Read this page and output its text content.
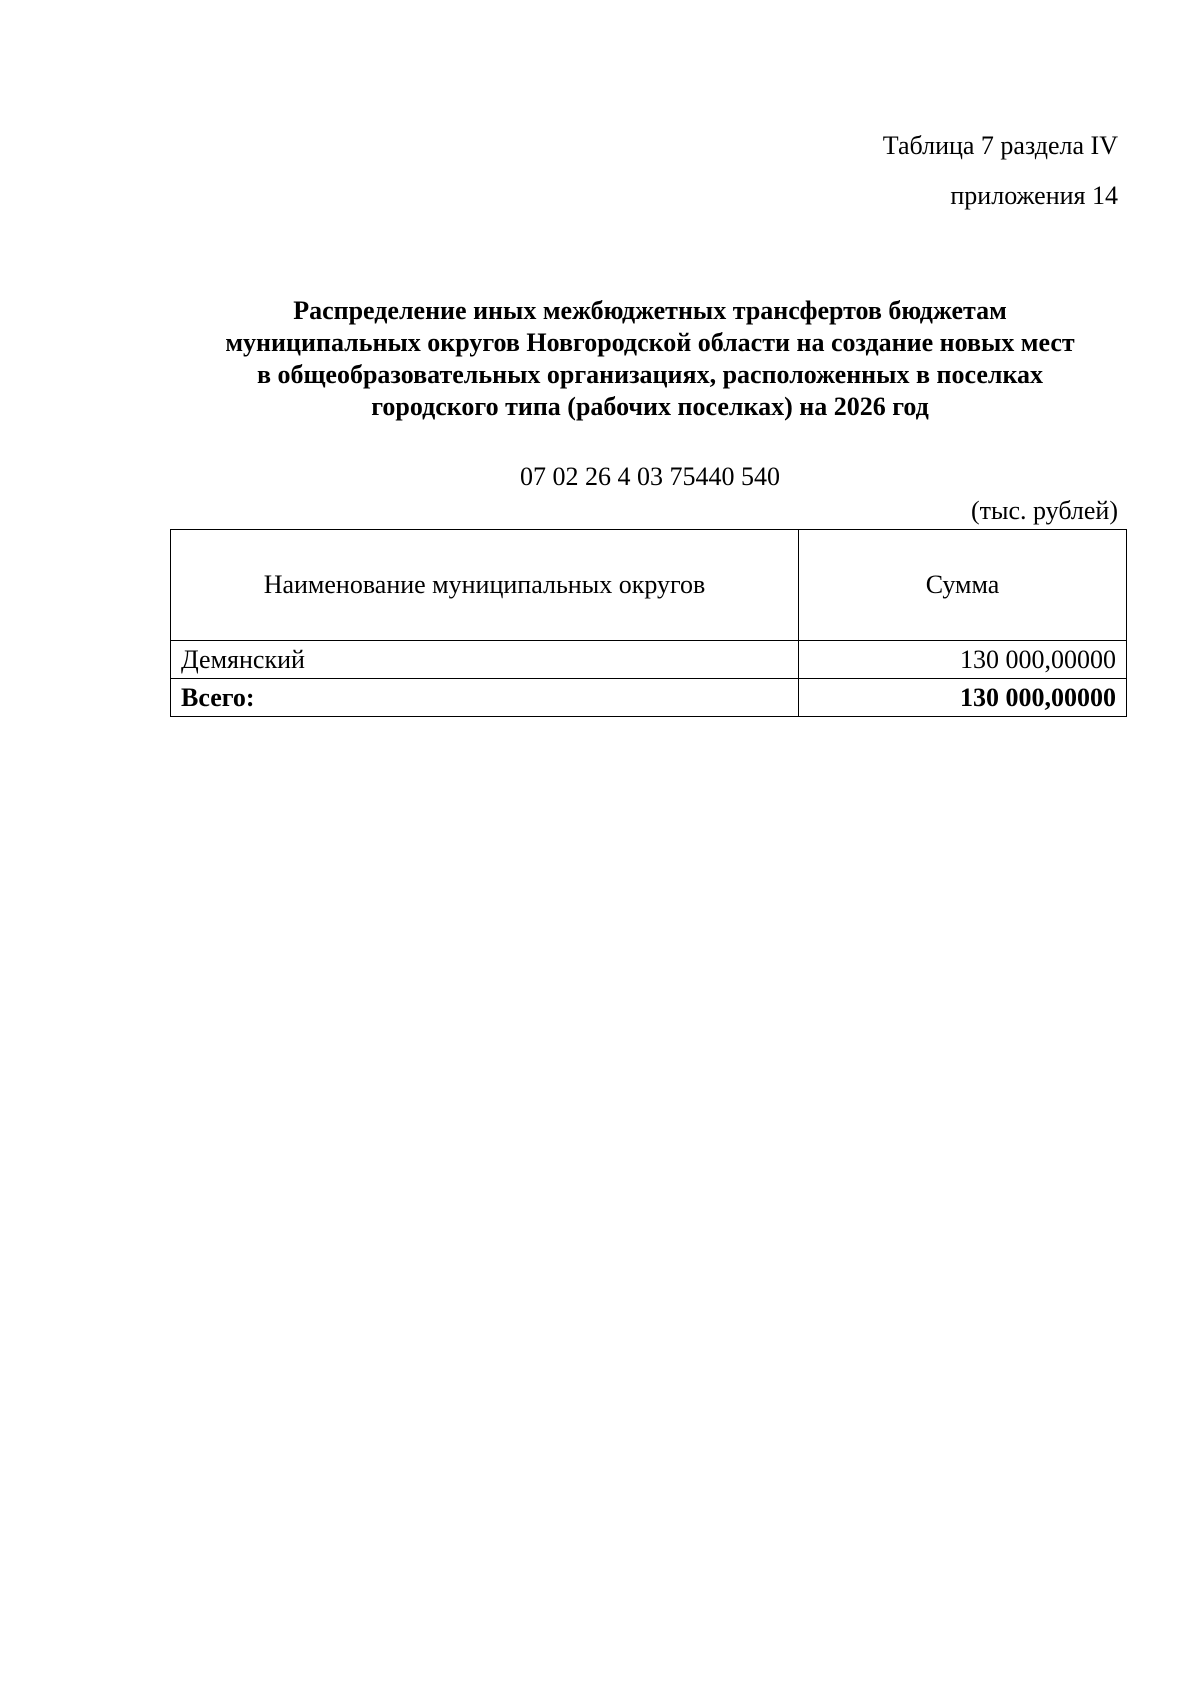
Таблица 7 раздела IV
приложения 14
Распределение иных межбюджетных трансфертов бюджетам
муниципальных округов Новгородской области на создание новых мест
в общеобразовательных организациях, расположенных в поселках
городского типа (рабочих поселках) на 2026 год
07 02 26 4 03 75440 540
(тыс. рублей)
Наименование муниципальных округов	Сумма
Демянский	130 000,00000
Всего:	130 000,00000
